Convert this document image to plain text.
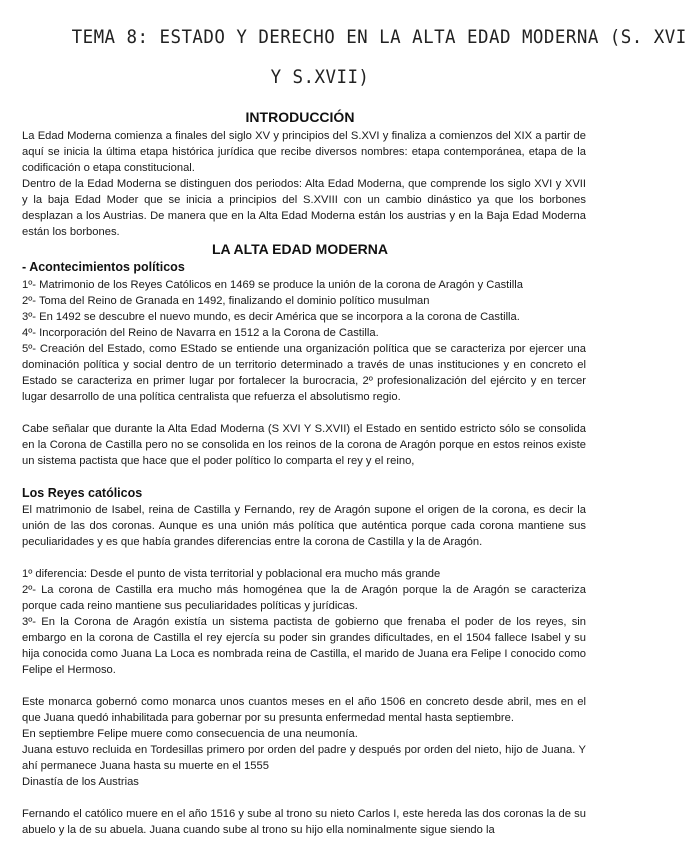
TEMA 8: ESTADO Y DERECHO EN LA ALTA EDAD MODERNA (S. XVI
Y S.XVII)
INTRODUCCIÓN
La Edad Moderna comienza a finales del siglo XV y principios del S.XVI y finaliza a comienzos del XIX a partir de aquí se inicia la última etapa histórica jurídica que recibe diversos nombres: etapa contemporánea, etapa de la codificación o etapa constitucional.
Dentro de la Edad Moderna se distinguen dos periodos: Alta Edad Moderna, que comprende los siglo XVI y XVII y la baja Edad Moder que se inicia a principios del S.XVIII con un cambio dinástico ya que los borbones desplazan a los Austrias. De manera que en la Alta Edad Moderna están los austrias y en la Baja Edad Moderna están los borbones.
LA ALTA EDAD MODERNA
- Acontecimientos políticos
1º- Matrimonio de los Reyes Católicos en 1469 se produce la unión de la corona de Aragón y Castilla
2º- Toma del Reino de Granada en 1492, finalizando el dominio político musulman
3º- En 1492 se descubre el nuevo mundo, es decir América que se incorpora a la corona de Castilla.
4º- Incorporación del Reino de Navarra en 1512 a la Corona de Castilla.
5º- Creación del Estado, como EStado se entiende una organización política que se caracteriza por ejercer una dominación política y social dentro de un territorio determinado a través de unas instituciones y en concreto el Estado se caracteriza en primer lugar por fortalecer la burocracia, 2º profesionalización del ejército y en tercer lugar desarrollo de una política centralista que refuerza el absolutismo regio.
Cabe señalar que durante la Alta Edad Moderna (S XVI Y S.XVII) el Estado en sentido estricto sólo se consolida en la Corona de Castilla pero no se consolida en los reinos de la corona de Aragón porque en estos reinos existe un sistema pactista que hace que el poder político lo comparta el rey y el reino,
Los Reyes católicos
El matrimonio de Isabel, reina de Castilla y Fernando, rey de Aragón supone el origen de la corona, es decir la unión de las dos coronas. Aunque es una unión más política que auténtica porque cada corona mantiene sus peculiaridades y es que había grandes diferencias entre la corona de Castilla y la de Aragón.
1º diferencia: Desde el punto de vista territorial y poblacional era mucho más grande
2º- La corona de Castilla era mucho más homogénea que la de Aragón porque la de Aragón se caracteriza porque cada reino mantiene sus peculiaridades políticas y jurídicas.
3º- En la Corona de Aragón existía un sistema pactista de gobierno que frenaba el poder de los reyes, sin embargo en la corona de Castilla el rey ejercía su poder sin grandes dificultades, en el 1504 fallece Isabel y su hija conocida como Juana La Loca es nombrada reina de Castilla, el marido de Juana era Felipe I conocido como Felipe el Hermoso.
Este monarca gobernó como monarca unos cuantos meses en el año 1506 en concreto desde abril, mes en el que Juana quedó inhabilitada para gobernar por su presunta enfermedad mental hasta septiembre.
En septiembre Felipe muere como consecuencia de una neumonía.
Juana estuvo recluida en Tordesillas primero por orden del padre y después por orden del nieto, hijo de Juana. Y ahí permanece Juana hasta su muerte en el 1555
Dinastía de los Austrias
Fernando el católico muere en el año 1516 y sube al trono su nieto Carlos I, este hereda las dos coronas la de su abuelo y la de su abuela. Juana cuando sube al trono su hijo ella nominalmente sigue siendo la
